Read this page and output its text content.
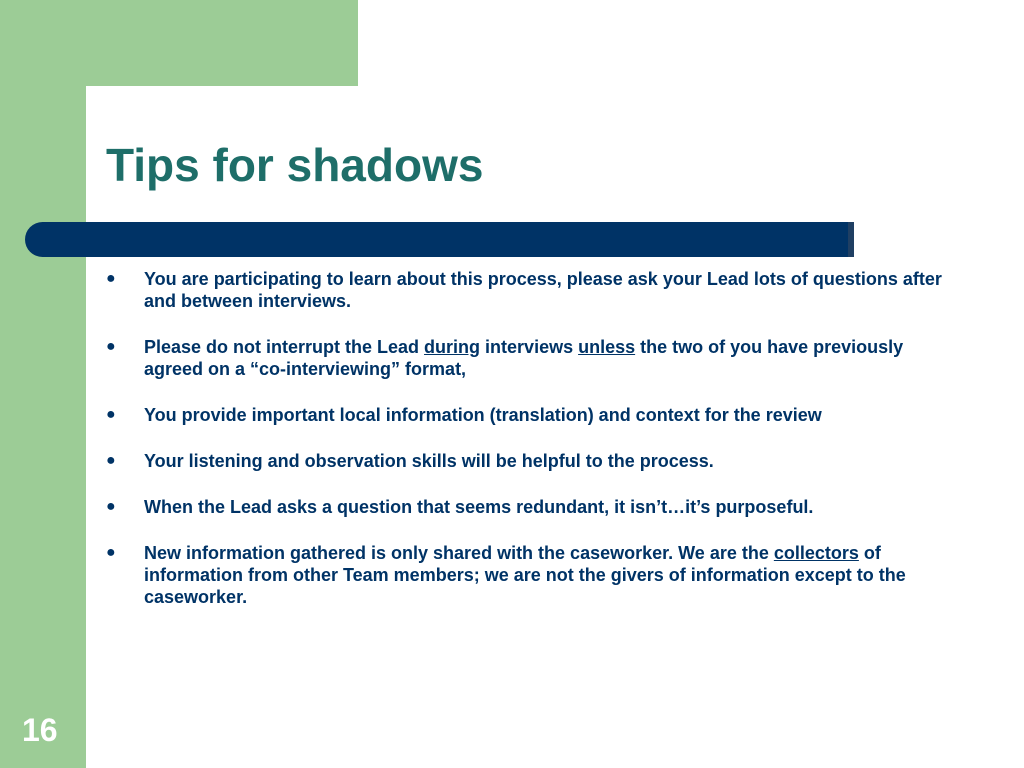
Tips for shadows
● You are participating to learn about this process, please ask your Lead lots of questions after and between interviews.
● Please do not interrupt the Lead during interviews unless the two of you have previously agreed on a “co-interviewing” format,
● You provide important local information (translation) and context for the review
● Your listening and observation skills will be helpful to the process.
● When the Lead asks a question that seems redundant, it isn’t…it’s purposeful.
● New information gathered is only shared with the caseworker. We are the collectors of information from other Team members; we are not the givers of information except to the caseworker.
16
